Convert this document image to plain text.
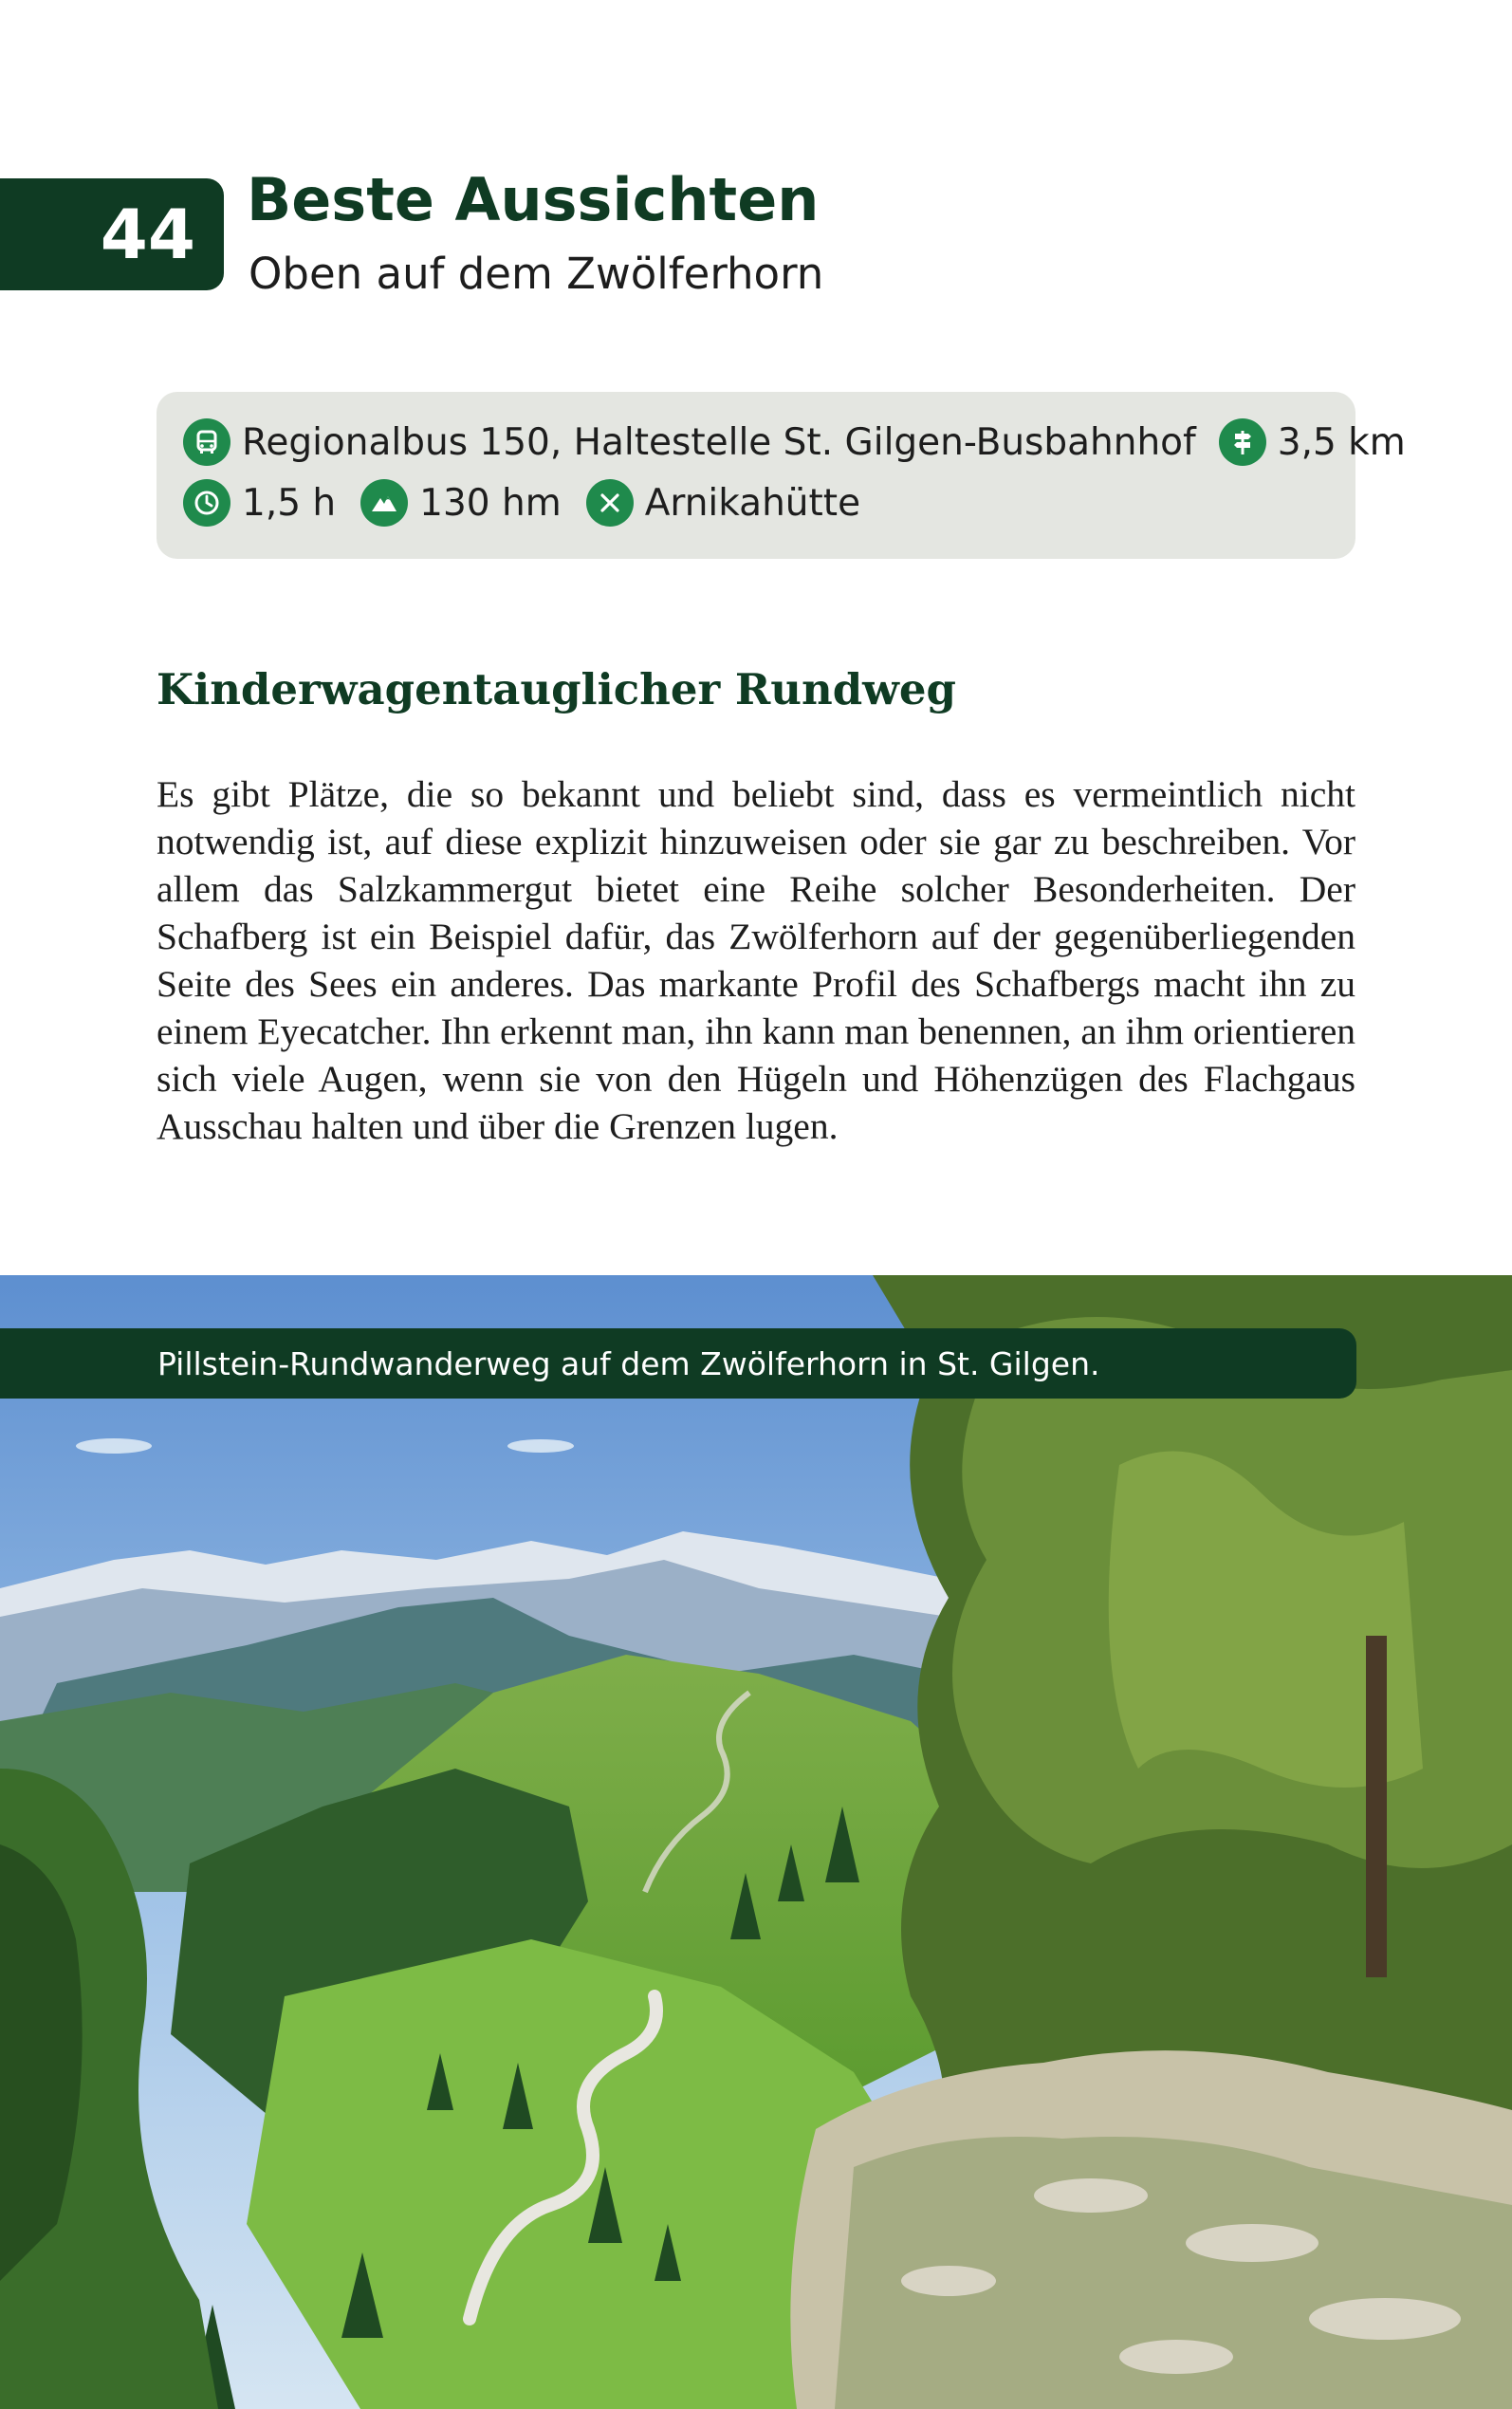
44 Beste Aussichten
Oben auf dem Zwölferhorn
Regionalbus 150, Haltestelle St. Gilgen-Busbahnhof 3,5 km
1,5 h 130 hm Arnikahütte
Kinderwagentauglicher Rundweg

Es gibt Plätze, die so bekannt und beliebt sind, dass es vermeintlich nicht notwendig ist, auf diese explizit hinzuweisen oder sie gar zu beschreiben. Vor allem das Salzkammergut bietet eine Reihe solcher Besonderheiten. Der Schafberg ist ein Beispiel dafür, das Zwölferhorn auf der gegenüberliegenden Seite des Sees ein anderes. Das markante Profil des Schafbergs macht ihn zu einem Eyecatcher. Ihn erkennt man, ihn kann man benennen, an ihm orientieren sich viele Augen, wenn sie von den Hügeln und Höhenzügen des Flachgaus Ausschau halten und über die Grenzen lugen.

Pillstein-Rundwanderweg auf dem Zwölferhorn in St. Gilgen.
